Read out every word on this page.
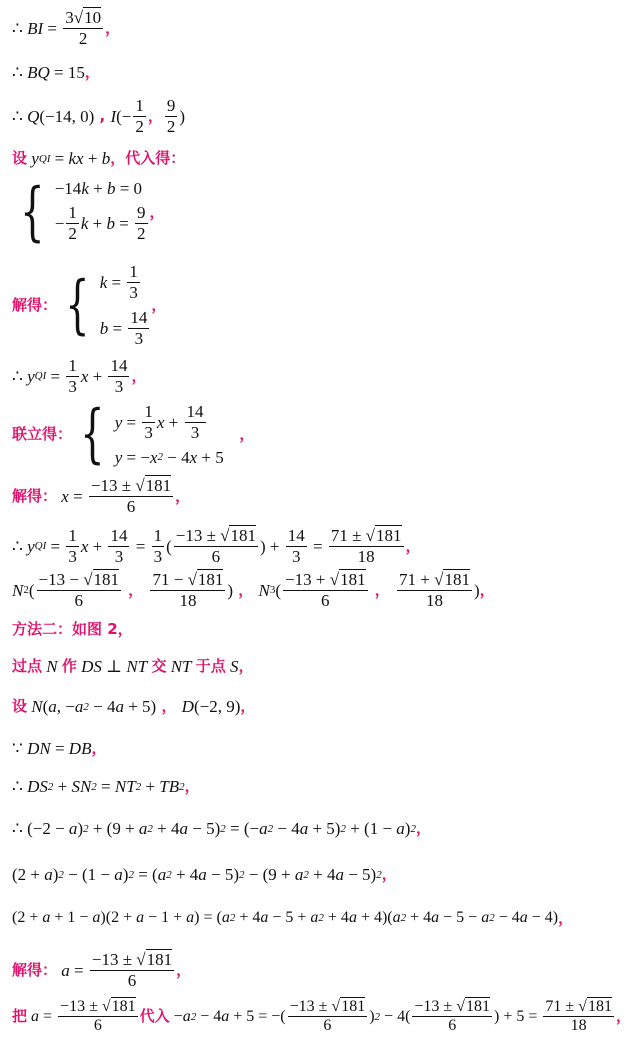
∴ BI = $\frac{3√10}{2}$ ，
∴ BQ = 15 ，
∴ Q (−14, 0) , I (− $\frac{1}{2}$ ， $\frac{9}{2}$ )
设 y QI = kx + b ，代入得：
{ −14 k + b = 0
− $\frac{1}{2}$ $k + b = \frac{9}{2}$ ，
解得： { $k = \frac{1}{3}$
$b = \frac{14}{3}$
，
∴ y QI = $\frac{1}{3}$ $x + \frac{14}{3}$ ，
联立得： { $y = \frac{1}{3}$ $x + \frac{14}{3}$
y = − x 2 − 4 x + 5
，
解得： $x = \frac{-13 \pm √181}{6}$ ，
∴ y QI = $\frac{1}{3}$ $x + \frac{14}{3} = \frac{1}{3}$ ( $\frac{-13 \pm √181}{6}$ ) + $\frac{14}{3} = \frac{71 \pm √181}{18}$ ，
N 2 ( $\frac{-13 - √181}{6}$ ， $\frac{71 - √181}{18}$ ) ， N 3 ( $\frac{-13 + √181}{6}$ ， $\frac{71 + √181}{18}$ ) ，
方法二：如图 2，
过点 N 作 DS ⊥ NT 交 NT 于点 S ，
设 N ( a , − a 2 − 4 a + 5) ， D (−2, 9) ，
∵ DN = DB ，
∴ DS 2 + SN 2 = NT 2 + TB 2 ，
∴ (−2 − a ) 2 + (9 + a 2 + 4 a − 5) 2 = (− a 2 − 4 a + 5) 2 + (1 − a ) 2 ，
(2 + a ) 2 − (1 − a ) 2 = ( a 2 + 4 a − 5) 2 − (9 + a 2 + 4 a − 5) 2 ，
(2 + a + 1 − a )(2 + a − 1 + a ) = ( a 2 + 4 a − 5 + a 2 + 4 a + 4)( a 2 + 4 a − 5 − a 2 − 4 a − 4) ，
解得： $a = \frac{-13 \pm √181}{6}$ ，
把 $a = \frac{-13 \pm √181}{6}$ 代入
− a 2 − 4 a + 5 = −( $\frac{-13 \pm √181}{6}$ ) $2 - 4( \frac{-13 \pm √181}{6}$ ) + $5 = \frac{71 \pm √181}{18}$ ，
